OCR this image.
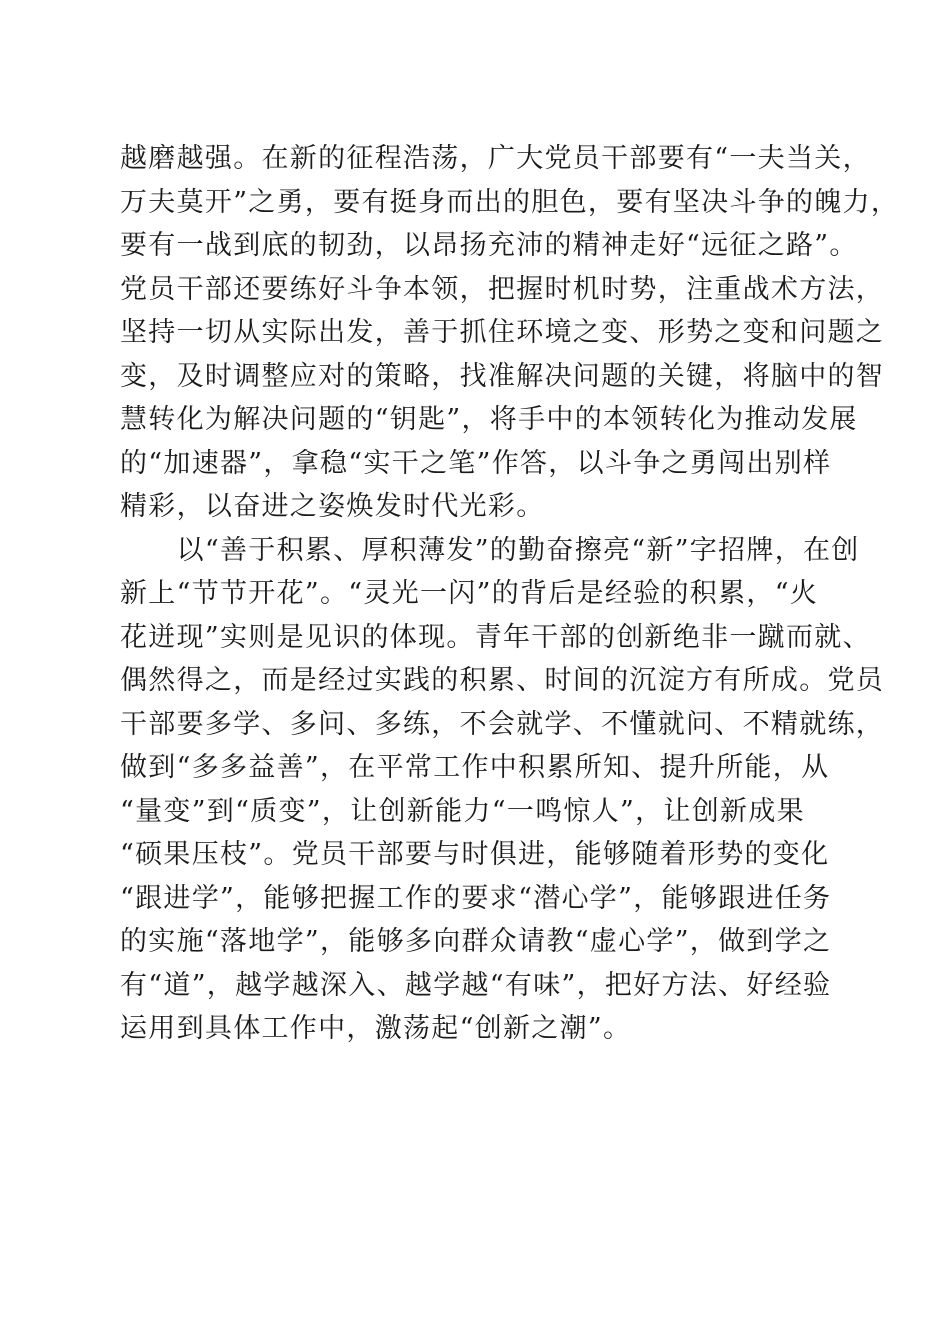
越磨越强。在新的征程浩荡，广大党员干部要有“一夫当关，
万夫莫开”之勇，要有挺身而出的胆色，要有坚决斗争的魄力，
要有一战到底的韧劲，以昂扬充沛的精神走好“远征之路”。
党员干部还要练好斗争本领，把握时机时势，注重战术方法，
坚持一切从实际出发，善于抓住环境之变、形势之变和问题之
变，及时调整应对的策略，找准解决问题的关键，将脑中的智
慧转化为解决问题的“钥匙”，将手中的本领转化为推动发展
的“加速器”，拿稳“实干之笔”作答，以斗争之勇闯出别样
精彩，以奋进之姿焕发时代光彩。
　　以“善于积累、厚积薄发”的勤奋擦亮“新”字招牌，在创
新上“节节开花”。“灵光一闪”的背后是经验的积累，“火
花迸现”实则是见识的体现。青年干部的创新绝非一蹴而就、
偶然得之，而是经过实践的积累、时间的沉淀方有所成。党员
干部要多学、多问、多练，不会就学、不懂就问、不精就练，
做到“多多益善”，在平常工作中积累所知、提升所能，从
“量变”到“质变”，让创新能力“一鸣惊人”，让创新成果
“硕果压枝”。党员干部要与时俱进，能够随着形势的变化
“跟进学”，能够把握工作的要求“潜心学”，能够跟进任务
的实施“落地学”，能够多向群众请教“虚心学”，做到学之
有“道”，越学越深入、越学越“有味”，把好方法、好经验
运用到具体工作中，激荡起“创新之潮”。
